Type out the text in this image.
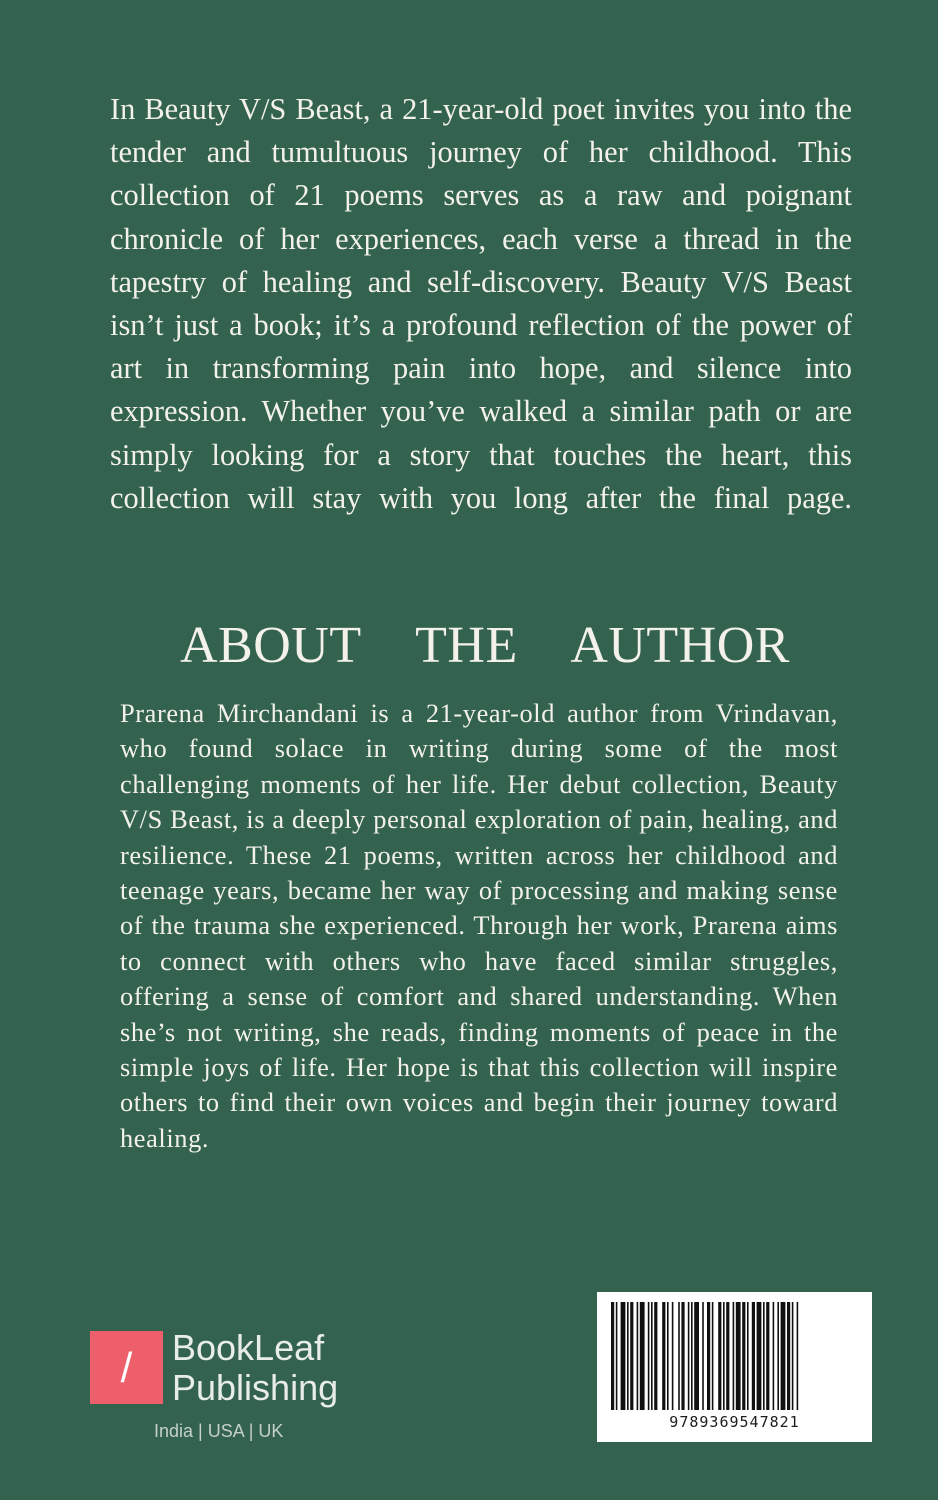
In Beauty V/S Beast, a 21-year-old poet invites you into the tender and tumultuous journey of her childhood. This collection of 21 poems serves as a raw and poignant chronicle of her experiences, each verse a thread in the tapestry of healing and self-discovery. Beauty V/S Beast isn’t just a book; it’s a profound reflection of the power of art in transforming pain into hope, and silence into expression. Whether you’ve walked a similar path or are simply looking for a story that touches the heart, this collection will stay with you long after the final page.
ABOUT THE AUTHOR
Prarena Mirchandani is a 21-year-old author from Vrindavan, who found solace in writing during some of the most challenging moments of her life. Her debut collection, Beauty V/S Beast, is a deeply personal exploration of pain, healing, and resilience. These 21 poems, written across her childhood and teenage years, became her way of processing and making sense of the trauma she experienced. Through her work, Prarena aims to connect with others who have faced similar struggles, offering a sense of comfort and shared understanding. When she’s not writing, she reads, finding moments of peace in the simple joys of life. Her hope is that this collection will inspire others to find their own voices and begin their journey toward healing.
/	BookLeaf
Publishing
India | USA | UK	9789369547821
